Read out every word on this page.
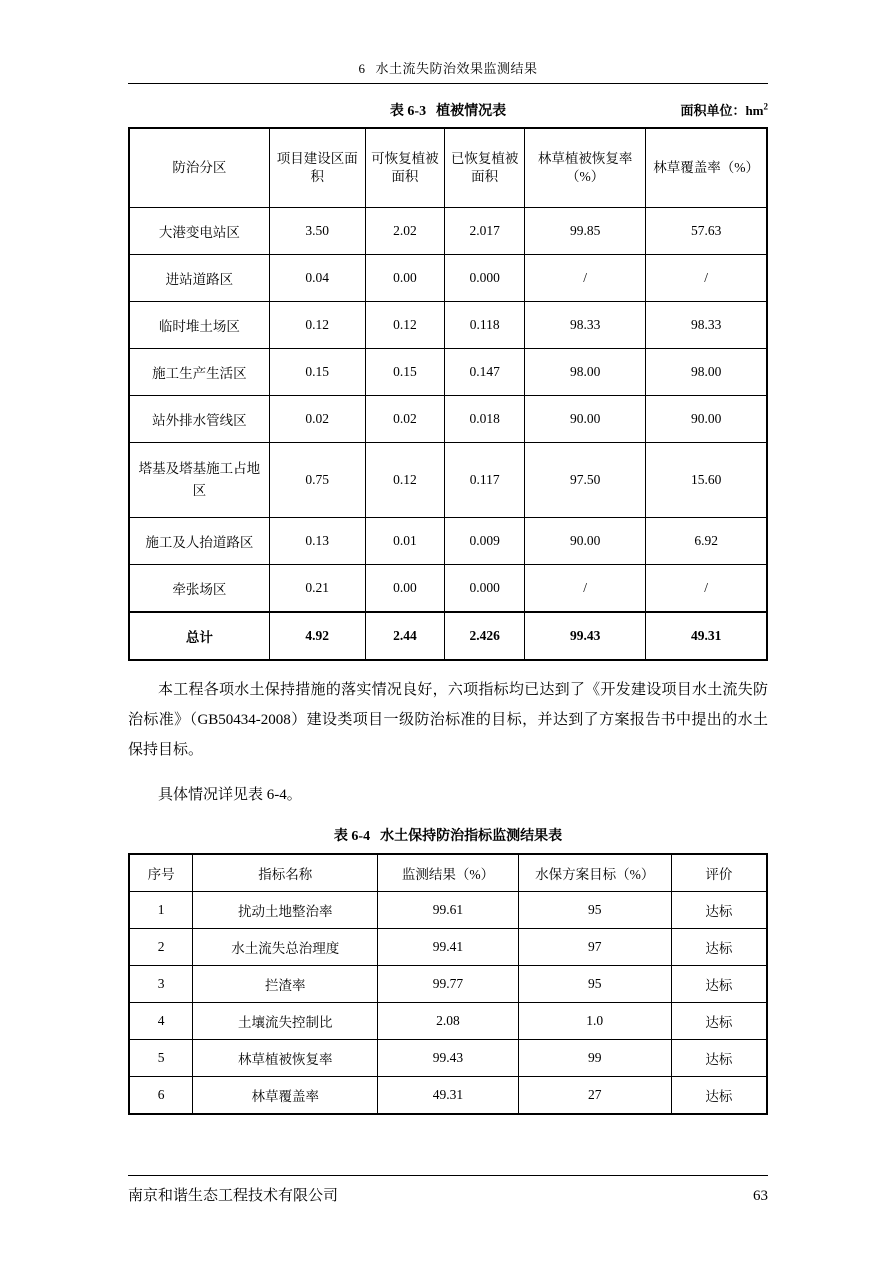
6 水土流失防治效果监测结果
表 6-3 植被情况表	面积单位：$hm^2$
防治分区	项目建设区面积	可恢复植被面积	已恢复植被面积	林草植被恢复率（%）	林草覆盖率（%）
大港变电站区	3.50	2.02	2.017	99.85	57.63
进站道路区	0.04	0.00	0.000	/	/
临时堆土场区	0.12	0.12	0.118	98.33	98.33
施工生产生活区	0.15	0.15	0.147	98.00	98.00
站外排水管线区	0.02	0.02	0.018	90.00	90.00
塔基及塔基施工占地区	0.75	0.12	0.117	97.50	15.60
施工及人抬道路区	0.13	0.01	0.009	90.00	6.92
牵张场区	0.21	0.00	0.000	/	/
总计	4.92	2.44	2.426	99.43	49.31

本工程各项水土保持措施的落实情况良好，六项指标均已达到了《开发建设项目水土流失防治标准》（GB50434-2008）建设类项目一级防治标准的目标，并达到了方案报告书中提出的水土保持目标。

具体情况详见表 6-4。

表 6-4 水土保持防治指标监测结果表
序号	指标名称	监测结果（%）	水保方案目标（%）	评价
1	扰动土地整治率	99.61	95	达标
2	水土流失总治理度	99.41	97	达标
3	拦渣率	99.77	95	达标
4	土壤流失控制比	2.08	1.0	达标
5	林草植被恢复率	99.43	99	达标
6	林草覆盖率	49.31	27	达标
南京和谐生态工程技术有限公司	63
